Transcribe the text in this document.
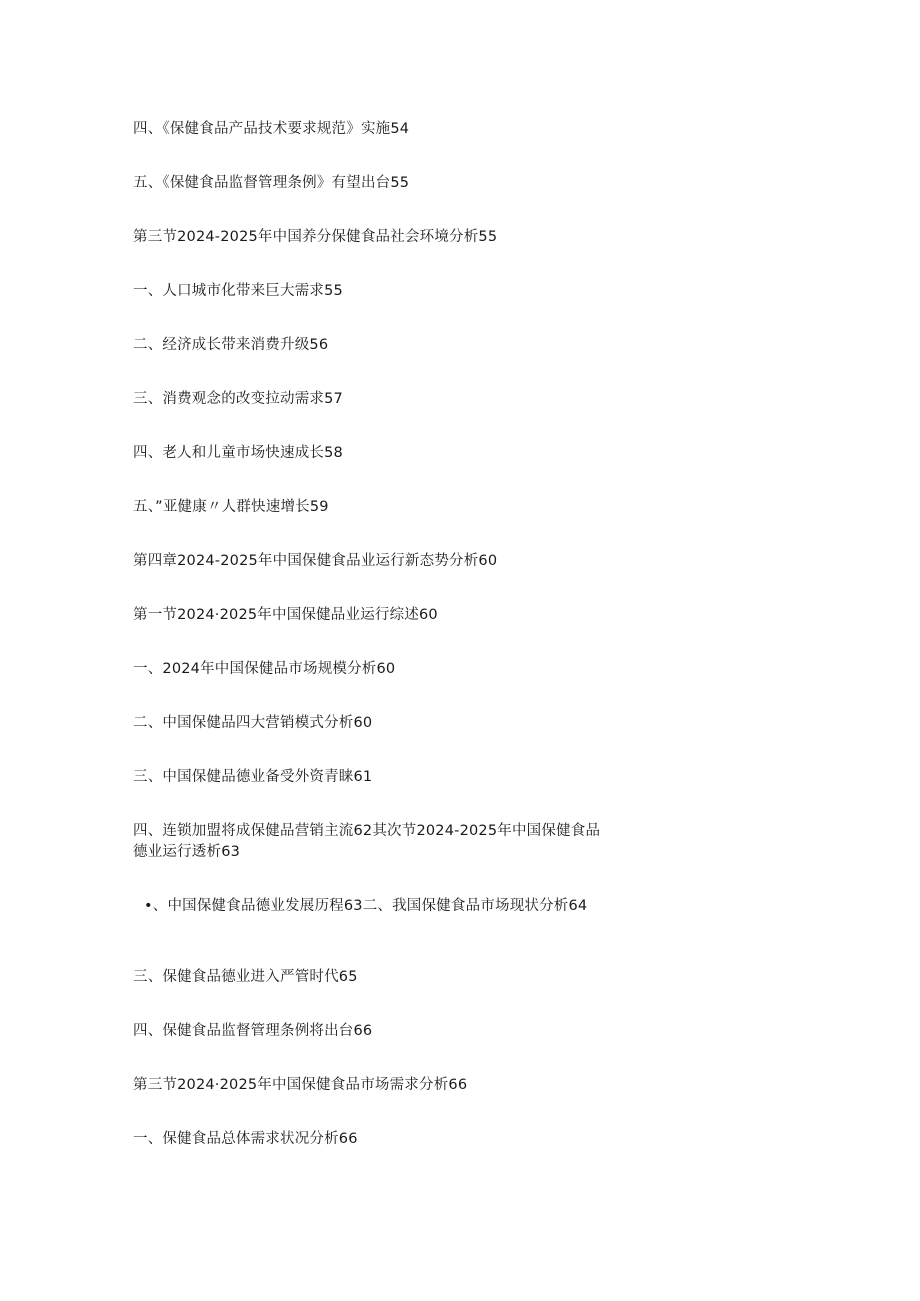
四、《保健食品产品技术要求规范》实施54
五、《保健食品监督管理条例》有望出台55
第三节2024-2025年中国养分保健食品社会环境分析55
一、人口城市化带来巨大需求55
二、经济成长带来消费升级56
三、消费观念的改变拉动需求57
四、老人和儿童市场快速成长58
五、”亚健康〃人群快速增长59
第四章2024-2025年中国保健食品业运行新态势分析60
第一节2024·2025年中国保健品业运行综述60
一、2024年中国保健品市场规模分析60
二、中国保健品四大营销模式分析60
三、中国保健品德业备受外资青睐61
四、连锁加盟将成保健品营销主流62其次节2024-2025年中国保健食品德业运行透析63
•、中国保健食品德业发展历程63二、我国保健食品市场现状分析64
三、保健食品德业进入严管时代65
四、保健食品监督管理条例将出台66
第三节2024·2025年中国保健食品市场需求分析66
一、保健食品总体需求状况分析66
